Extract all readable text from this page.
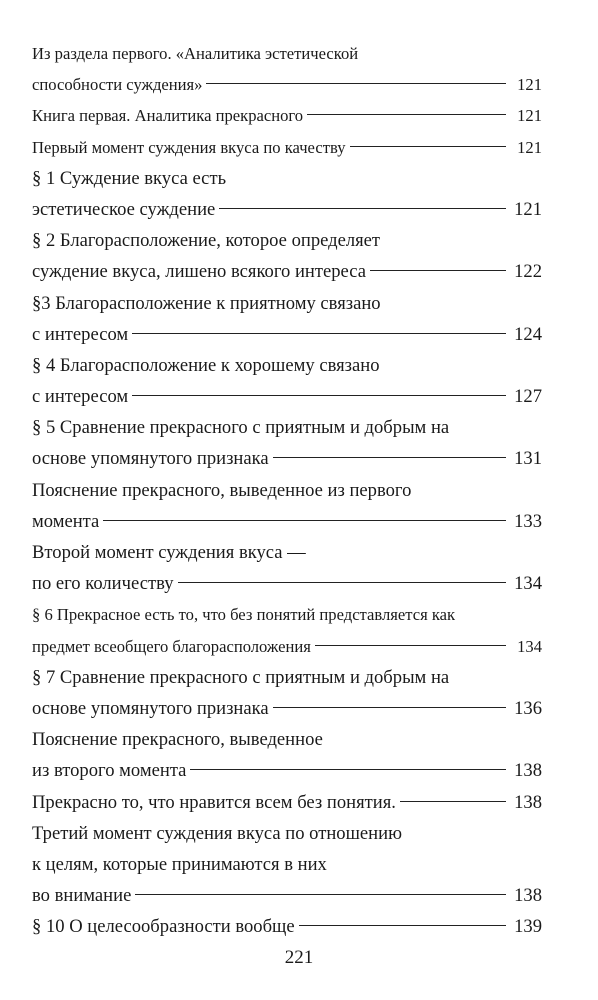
Из раздела первого. «Аналитика эстетической
способности суждения»	121
Книга первая. Аналитика прекрасного	121
Первый момент суждения вкуса по качеству	121
§ 1 Суждение вкуса есть
эстетическое суждение	121
§ 2 Благорасположение, которое определяет
суждение вкуса, лишено всякого интереса	122
§3 Благорасположение к приятному связано
с интересом	124
§ 4 Благорасположение к хорошему связано
с интересом	127
§ 5 Сравнение прекрасного с приятным и добрым на
основе упомянутого признака	131
Пояснение прекрасного, выведенное из первого
момента	133
Второй момент суждения вкуса —
по его количеству	134
§ 6 Прекрасное есть то, что без понятий представляется как
предмет всеобщего благорасположения	134
§ 7 Сравнение прекрасного с приятным и добрым на
основе упомянутого признака	136
Пояснение прекрасного, выведенное
из второго момента	138
Прекрасно то, что нравится всем без понятия.	138
Третий момент суждения вкуса по отношению
к целям, которые принимаются в них
во внимание	138
§ 10 О целесообразности вообще	139
221
